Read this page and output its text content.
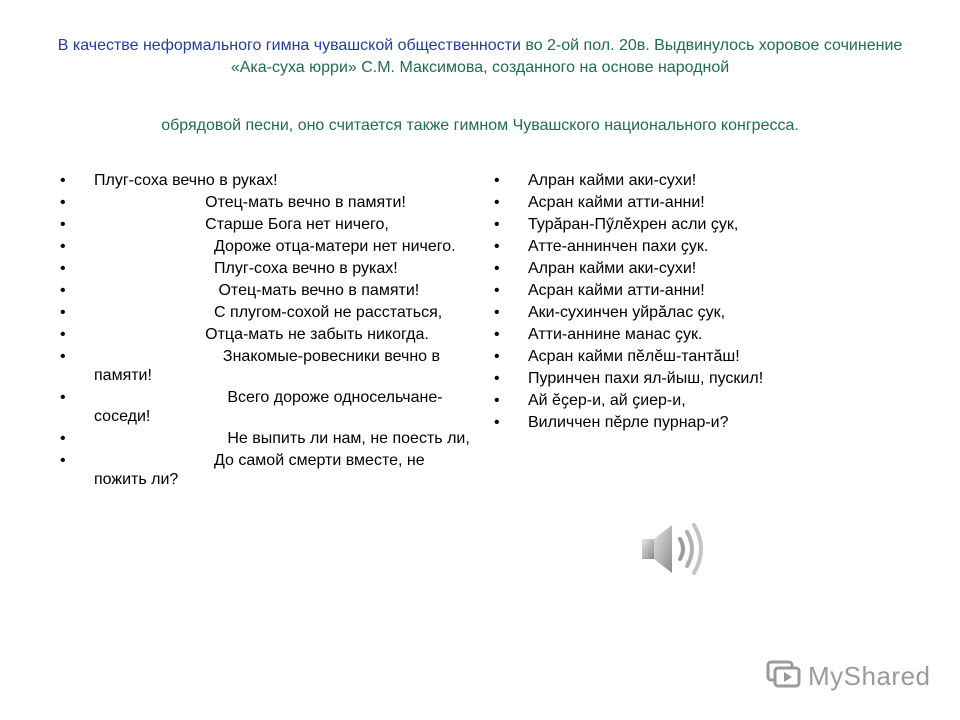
В качестве неформального гимна чувашской общественности во 2-ой пол. 20в. Выдвинулось хоровое сочинение «Ака-суха юрри» С.М. Максимова, созданного на основе народной
обрядовой песни, оно считается также гимном Чувашского национального конгресса.
•	Плуг-соха вечно в руках!
•	Отец-мать вечно в памяти!
•	Старше Бога нет ничего,
•	Дороже отца-матери нет ничего.
•	Плуг-соха вечно в руках!
•	Отец-мать вечно в памяти!
•	С плугом-сохой не расстаться,
•	Отца-мать не забыть никогда.
•	Знакомые-ровесники вечно в памяти!
•	Всего дороже односельчане-соседи!
•	Не выпить ли нам, не поесть ли,
•	До самой смерти вместе, не пожить ли?
•	Алран кайми аки-сухи!
•	Асран кайми атти-анни!
•	Турӑран-Пӳлӗхрен асли ҫук,
•	Атте-аннинчен пахи ҫук.
•	Алран кайми аки-сухи!
•	Асран кайми атти-анни!
•	Аки-сухинчен уйрӑлас ҫук,
•	Атти-аннине манас ҫук.
•	Асран кайми пӗлӗш-тантӑш!
•	Пуринчен пахи ял-йыш, пускил!
•	Ай ӗҫер-и, ай ҫиер-и,
•	Виличчен пӗрле пурнар-и?
MyShared
